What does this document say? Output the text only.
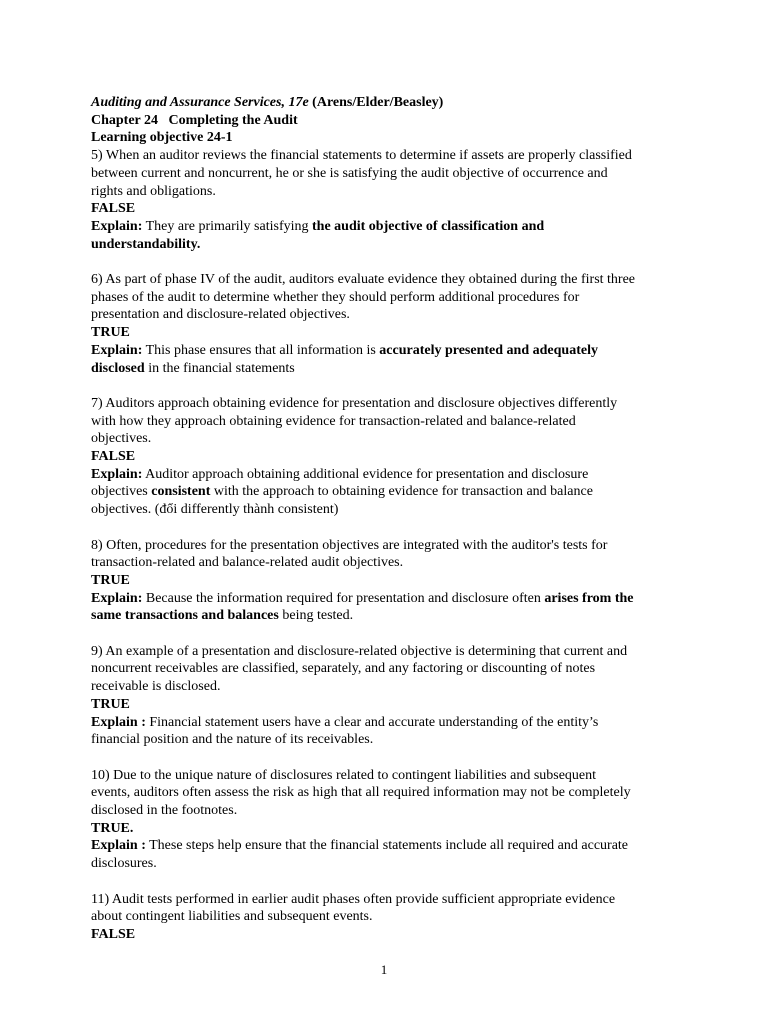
Auditing and Assurance Services, 17e (Arens/Elder/Beasley)
Chapter 24   Completing the Audit
Learning objective 24-1
5) When an auditor reviews the financial statements to determine if assets are properly classified
between current and noncurrent, he or she is satisfying the audit objective of occurrence and
rights and obligations.
FALSE
Explain: They are primarily satisfying the audit objective of classification and
understandability.
6) As part of phase IV of the audit, auditors evaluate evidence they obtained during the first three
phases of the audit to determine whether they should perform additional procedures for
presentation and disclosure-related objectives.
TRUE
Explain: This phase ensures that all information is accurately presented and adequately
disclosed in the financial statements
7) Auditors approach obtaining evidence for presentation and disclosure objectives differently
with how they approach obtaining evidence for transaction-related and balance-related
objectives.
FALSE
Explain: Auditor approach obtaining additional evidence for presentation and disclosure
objectives consistent with the approach to obtaining evidence for transaction and balance
objectives. (đổi differently thành consistent)
8) Often, procedures for the presentation objectives are integrated with the auditor's tests for
transaction-related and balance-related audit objectives.
TRUE
Explain: Because the information required for presentation and disclosure often arises from the
same transactions and balances being tested.
9) An example of a presentation and disclosure-related objective is determining that current and
noncurrent receivables are classified, separately, and any factoring or discounting of notes
receivable is disclosed.
TRUE
Explain : Financial statement users have a clear and accurate understanding of the entity’s
financial position and the nature of its receivables.
10) Due to the unique nature of disclosures related to contingent liabilities and subsequent
events, auditors often assess the risk as high that all required information may not be completely
disclosed in the footnotes.
TRUE.
Explain : These steps help ensure that the financial statements include all required and accurate
disclosures.
11) Audit tests performed in earlier audit phases often provide sufficient appropriate evidence
about contingent liabilities and subsequent events.
FALSE
1
